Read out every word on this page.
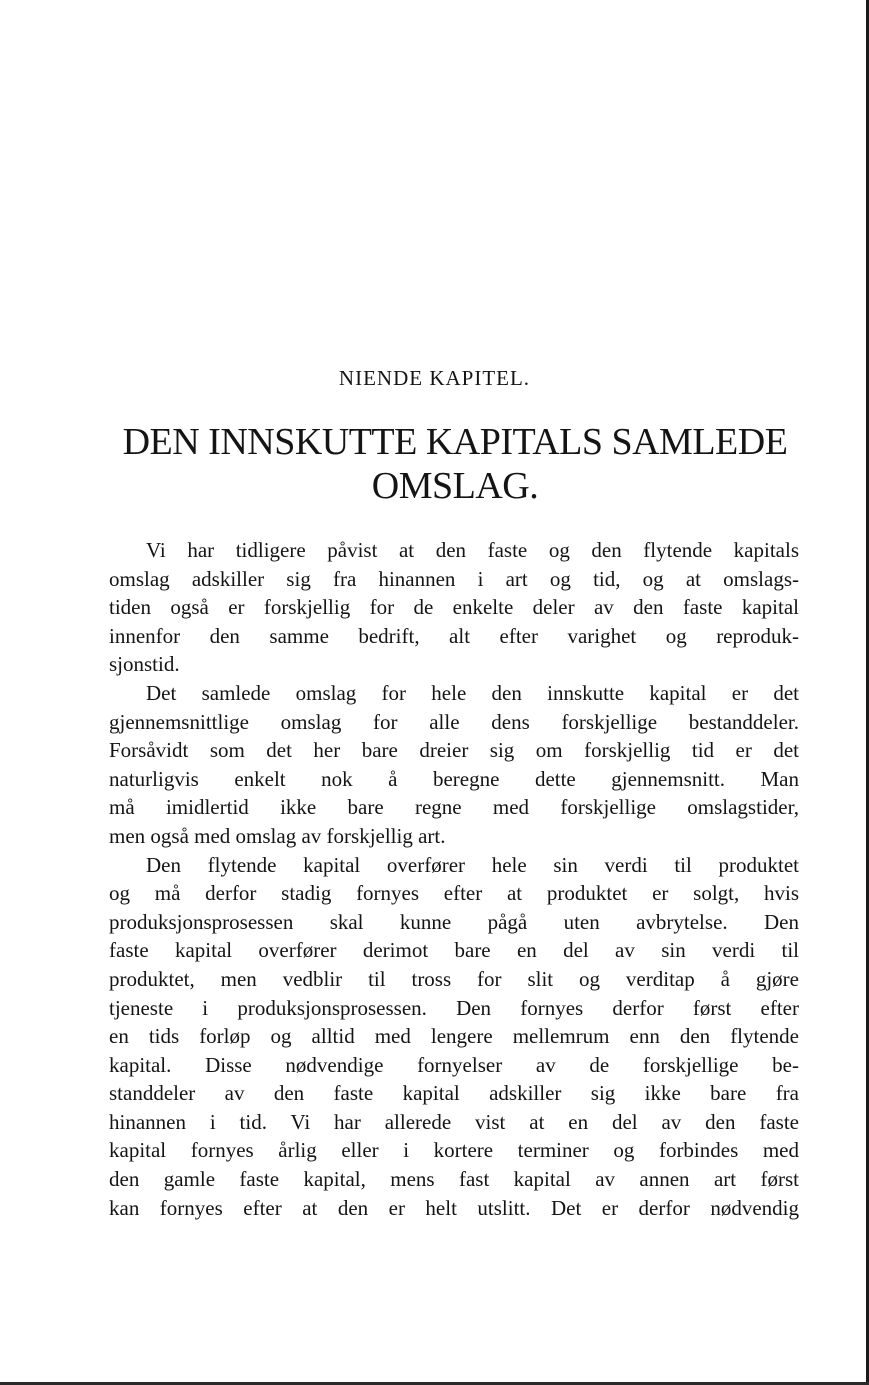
NIENDE KAPITEL.

DEN INNSKUTTE KAPITALS SAMLEDE
OMSLAG.
Vi har tidligere påvist at den faste og den flytende kapitals
omslag adskiller sig fra hinannen i art og tid, og at omslags-
tiden også er forskjellig for de enkelte deler av den faste kapital
innenfor den samme bedrift, alt efter varighet og reproduk-
sjonstid.
Det samlede omslag for hele den innskutte kapital er det
gjennemsnittlige omslag for alle dens forskjellige bestanddeler.
Forsåvidt som det her bare dreier sig om forskjellig tid er det
naturligvis enkelt nok å beregne dette gjennemsnitt. Man
må imidlertid ikke bare regne med forskjellige omslagstider,
men også med omslag av forskjellig art.
Den flytende kapital overfører hele sin verdi til produktet
og må derfor stadig fornyes efter at produktet er solgt, hvis
produksjonsprosessen skal kunne pågå uten avbrytelse. Den
faste kapital overfører derimot bare en del av sin verdi til
produktet, men vedblir til tross for slit og verditap å gjøre
tjeneste i produksjonsprosessen. Den fornyes derfor først efter
en tids forløp og alltid med lengere mellemrum enn den flytende
kapital. Disse nødvendige fornyelser av de forskjellige be-
standdeler av den faste kapital adskiller sig ikke bare fra
hinannen i tid. Vi har allerede vist at en del av den faste
kapital fornyes årlig eller i kortere terminer og forbindes med
den gamle faste kapital, mens fast kapital av annen art først
kan fornyes efter at den er helt utslitt. Det er derfor nødvendig
